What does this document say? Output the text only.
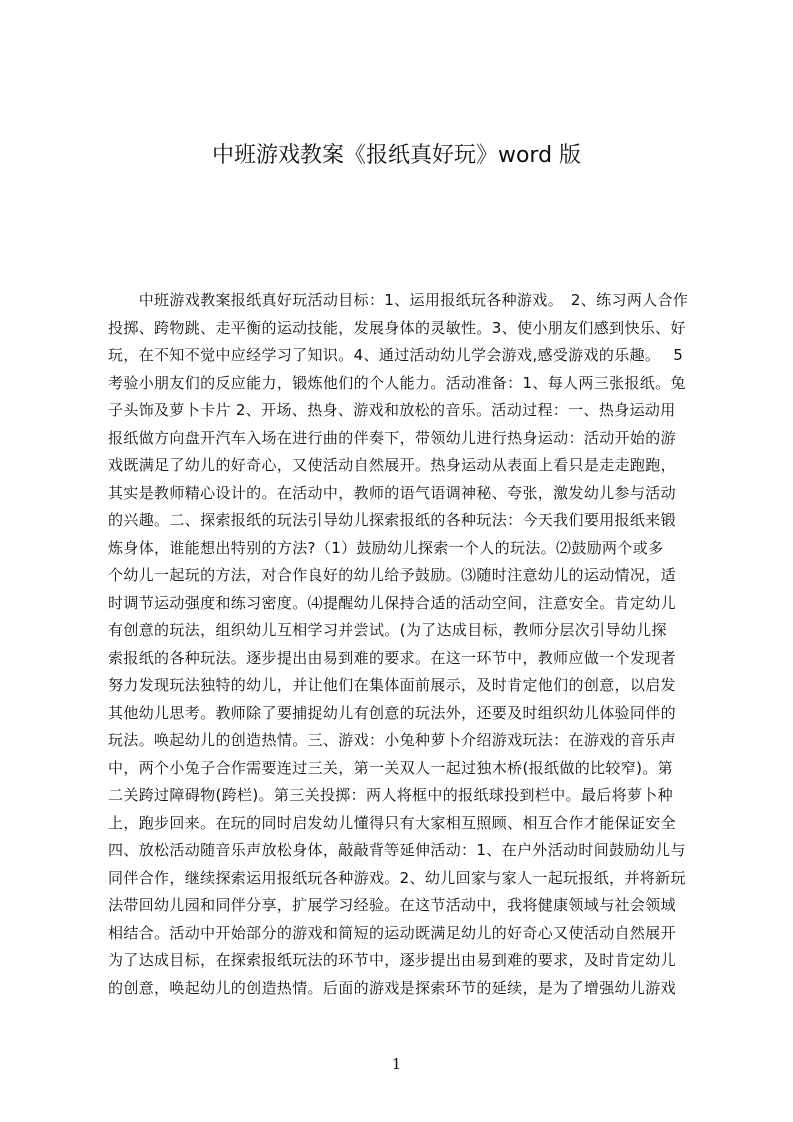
中班游戏教案《报纸真好玩》word 版
　　中班游戏教案报纸真好玩活动目标：1、运用报纸玩各种游戏。　2、练习两人合作
投掷、跨物跳、走平衡的运动技能，发展身体的灵敏性。3、使小朋友们感到快乐、好
玩，在不知不觉中应经学习了知识。4、通过活动幼儿学会游戏,感受游戏的乐趣。　 5
考验小朋友们的反应能力，锻炼他们的个人能力。活动准备：1、每人两三张报纸。兔
子头饰及萝卜卡片 2、开场、热身、游戏和放松的音乐。活动过程：一、热身运动用
报纸做方向盘开汽车入场在进行曲的伴奏下，带领幼儿进行热身运动：活动开始的游
戏既满足了幼儿的好奇心，又使活动自然展开。热身运动从表面上看只是走走跑跑，
其实是教师精心设计的。在活动中，教师的语气语调神秘、夸张，激发幼儿参与活动
的兴趣。二、探索报纸的玩法引导幼儿探索报纸的各种玩法：今天我们要用报纸来锻
炼身体，谁能想出特别的方法?（1）鼓励幼儿探索一个人的玩法。⑵鼓励两个或多
个幼儿一起玩的方法，对合作良好的幼儿给予鼓励。⑶随时注意幼儿的运动情况，适
时调节运动强度和练习密度。⑷提醒幼儿保持合适的活动空间，注意安全。肯定幼儿
有创意的玩法，组织幼儿互相学习并尝试。(为了达成目标，教师分层次引导幼儿探
索报纸的各种玩法。逐步提出由易到难的要求。在这一环节中，教师应做一个发现者
努力发现玩法独特的幼儿，并让他们在集体面前展示，及时肯定他们的创意，以启发
其他幼儿思考。教师除了要捕捉幼儿有创意的玩法外，还要及时组织幼儿体验同伴的
玩法。唤起幼儿的创造热情。三、游戏：小兔种萝卜介绍游戏玩法：在游戏的音乐声
中，两个小兔子合作需要连过三关，第一关双人一起过独木桥(报纸做的比较窄)。第
二关跨过障碍物(跨栏)。第三关投掷：两人将框中的报纸球投到栏中。最后将萝卜种
上，跑步回来。在玩的同时启发幼儿懂得只有大家相互照顾、相互合作才能保证安全
四、放松活动随音乐声放松身体，敲敲背等延伸活动：1、在户外活动时间鼓励幼儿与
同伴合作，继续探索运用报纸玩各种游戏。2、幼儿回家与家人一起玩报纸，并将新玩
法带回幼儿园和同伴分享，扩展学习经验。在这节活动中，我将健康领域与社会领域
相结合。活动中开始部分的游戏和简短的运动既满足幼儿的好奇心又使活动自然展开
为了达成目标，在探索报纸玩法的环节中，逐步提出由易到难的要求，及时肯定幼儿
的创意，唤起幼儿的创造热情。后面的游戏是探索环节的延续，是为了增强幼儿游戏
1
